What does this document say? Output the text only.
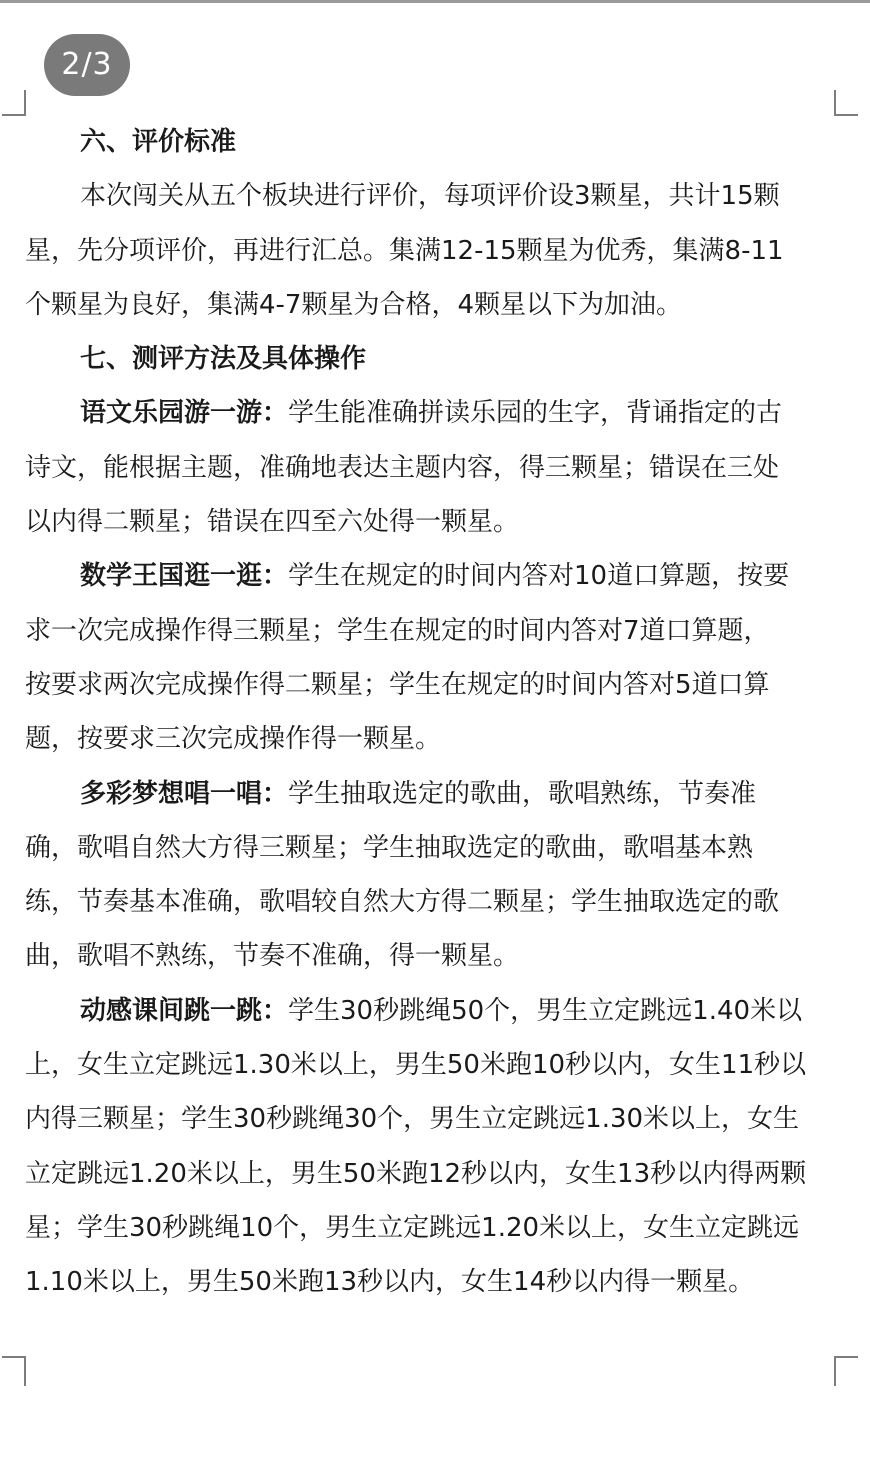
2/3
六、评价标准
本次闯关从五个板块进行评价，每项评价设3颗星，共计15颗
星，先分项评价，再进行汇总。集满12-15颗星为优秀，集满8-11
个颗星为良好，集满4-7颗星为合格，4颗星以下为加油。
七、测评方法及具体操作
语文乐园游一游：学生能准确拼读乐园的生字，背诵指定的古
诗文，能根据主题，准确地表达主题内容，得三颗星；错误在三处
以内得二颗星；错误在四至六处得一颗星。
数学王国逛一逛：学生在规定的时间内答对10道口算题，按要
求一次完成操作得三颗星；学生在规定的时间内答对7道口算题，
按要求两次完成操作得二颗星；学生在规定的时间内答对5道口算
题，按要求三次完成操作得一颗星。
多彩梦想唱一唱：学生抽取选定的歌曲，歌唱熟练，节奏准
确，歌唱自然大方得三颗星；学生抽取选定的歌曲，歌唱基本熟
练，节奏基本准确，歌唱较自然大方得二颗星；学生抽取选定的歌
曲，歌唱不熟练，节奏不准确，得一颗星。
动感课间跳一跳：学生30秒跳绳50个，男生立定跳远1.40米以
上，女生立定跳远1.30米以上，男生50米跑10秒以内，女生11秒以
内得三颗星；学生30秒跳绳30个，男生立定跳远1.30米以上，女生
立定跳远1.20米以上，男生50米跑12秒以内，女生13秒以内得两颗
星；学生30秒跳绳10个，男生立定跳远1.20米以上，女生立定跳远
1.10米以上，男生50米跑13秒以内，女生14秒以内得一颗星。
